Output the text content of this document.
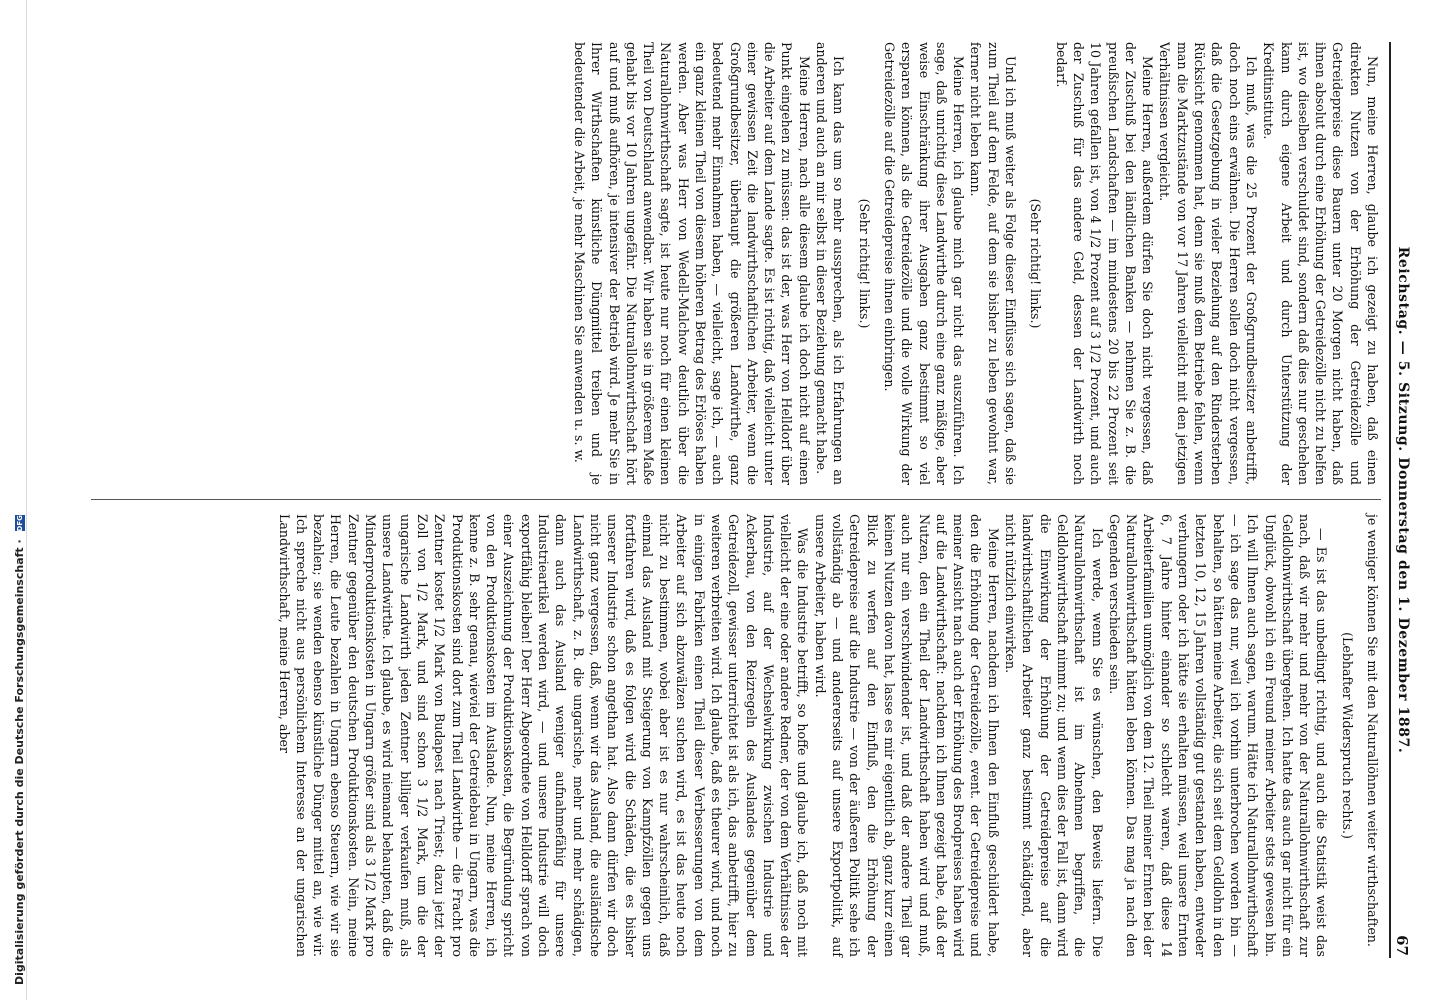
Digitalisierung gefördert durch die Deutsche Forschungsgemeinschaft · DFG	Reichstag. — 5. Sitzung. Donnerstag den 1. Dezember 1887.
67

Nun, meine Herren, glaube ich gezeigt zu haben, daß einen direkten Nutzen von der Erhöhung der Getreidezölle und Getreidepreise diese Bauern unter 20 Morgen nicht haben, daß ihnen absolut durch eine Erhöhung der Getreidezölle nicht zu helfen ist, wo dieselben verschuldet sind, sondern daß dies nur geschehen kann durch eigene Arbeit und durch Unterstützung der Kreditinstitute.

Ich muß, was die 25 Prozent der Großgrundbesitzer anbetrifft, doch noch eins erwähnen. Die Herren sollen doch nicht vergessen, daß die Gesetzgebung in vieler Beziehung auf den Rindersterben Rücksicht genommen hat, denn sie muß dem Betriebe fehlen, wenn man die Marktzustände von vor 17 Jahren vielleicht mit den jetzigen Verhältnissen vergleicht.

Meine Herren, außerdem dürfen Sie doch nicht vergessen, daß der Zuschuß bei den ländlichen Banken — nehmen Sie z. B. die preußischen Landschaften — im mindestens 20 bis 22 Prozent seit 10 Jahren gefallen ist, von 4 1/2 Prozent auf 3 1/2 Prozent, und auch der Zuschuß für das andere Geld, dessen der Landwirth noch bedarf.

(Sehr richtig! links.)

Und ich muß weiter als Folge dieser Einflüsse sich sagen, daß sie zum Theil auf dem Felde, auf dem sie bisher zu leben gewohnt war, ferner nicht leben kann.

Meine Herren, ich glaube mich gar nicht das auszuführen. Ich sage, daß unrichtig diese Landwirthe durch eine ganz mäßige, aber weise Einschränkung ihrer Ausgaben ganz bestimmt so viel ersparen können, als die Getreidezölle und die volle Wirkung der Getreidezölle auf die Getreidepreise ihnen einbringen.

(Sehr richtig! links.)

Ich kann das um so mehr aussprechen, als ich Erfahrungen an anderen und auch an mir selbst in dieser Beziehung gemacht habe.

Meine Herren, nach alle diesem glaube ich doch nicht auf einen Punkt eingehen zu müssen: das ist der, was Herr von Helldorf über die Arbeiter auf dem Lande sagte. Es ist richtig, daß vielleicht unter einer gewissen Zeit die landwirthschaftlichen Arbeiter, wenn die Großgrundbesitzer, überhaupt die größeren Landwirthe, ganz bedeutend mehr Einnahmen haben, — vielleicht, sage ich, — auch ein ganz kleinen Theil von diesem höheren Betrag des Erlöses haben werden. Aber was Herr von Wedell-Malchow deutlich über die Naturallohnwirthschaft sagte, ist heute nur noch für einen kleinen Theil von Deutschland anwendbar. Wir haben sie in größerem Maße gehabt bis vor 10 Jahren ungefähr. Die Naturallohnwirthschaft hört auf und muß aufhören, je intensiver der Betrieb wird. Je mehr Sie in Ihrer Wirthschaften künstliche Düngmittel treiben und je bedeutender die Arbeit, je mehr Maschinen Sie anwenden u. s. w.

je weniger können Sie mit den Naturallöhnen weiter wirthschaften.

(Lebhafter Widerspruch rechts.)

— Es ist das unbedingt richtig, und auch die Statistik weist das nach, daß wir mehr und mehr von der Naturallohnwirthschaft zur Geldlohnwirthschaft übergehen. Ich hatte das auch gar nicht für ein Unglück, obwohl ich ein Freund meiner Arbeiter stets gewesen bin. Ich will Ihnen auch sagen, warum. Hätte ich Naturallohnwirthschaft — ich sage das nur, weil ich vorhin unterbrochen worden bin — behalten, so hätten meine Arbeiter, die sich seit dem Geldlohn in den letzten 10, 12, 15 Jahren vollständig gut gestanden haben, entweder verhungern oder ich hätte sie erhalten müssen, weil unsere Ernten 6, 7 Jahre hinter einander so schlecht waren, daß diese 14 Arbeiterfamilien unmöglich von dem 12. Theil meiner Ernten bei der Naturallohnwirthschaft hätten leben können. Das mag ja nach den Gegenden verschieden sein.

Ich werde, wenn Sie es wünschen, den Beweis liefern. Die Naturallohnwirthschaft ist im Abnehmen begriffen, die Geldlohnwirthschaft nimmt zu; und wenn dies der Fall ist, dann wird die Einwirkung der Erhöhung der Getreidepreise auf die landwirthschaftlichen Arbeiter ganz bestimmt schädigend, aber nicht nützlich einwirken.

Meine Herren, nachdem ich Ihnen den Einfluß geschildert habe, den die Erhöhung der Getreidezölle, event. der Getreidepreise und meiner Ansicht nach auch der Erhöhung des Brodpreises haben wird auf die Landwirthschaft: nachdem ich Ihnen gezeigt habe, daß der Nutzen, den ein Theil der Landwirthschaft haben wird und muß, auch nur ein verschwindender ist, und daß der andere Theil gar keinen Nutzen davon hat, lasse es mir eigentlich ab, ganz kurz einen Blick zu werfen auf den Einfluß, den die Erhöhung der Getreidepreise auf die Industrie — von der äußeren Politik sehe ich vollständig ab — und andererseits auf unsere Exportpolitik, auf unsere Arbeiter, haben wird.

Was die Industrie betrifft, so hoffe und glaube ich, daß noch mit vielleicht der eine oder andere Redner, der von dem Verhältnisse der Industrie, auf der Wechselwirkung zwischen Industrie und Ackerbau, von den Reizregeln des Auslandes gegenüber dem Getreidezoll, gewisser unterrichtet ist als ich, das anbetrifft, hier zu weiteren verbreiten wird. Ich glaube, daß es theurer wird, und noch in einigen Fabriken einen Theil dieser Verbesserungen von dem Arbeiter auf sich abzuwälzen suchen wird, es ist das heute noch nicht zu bestimmen, wobei aber ist es nur wahrscheinlich, daß einmal das Ausland mit Steigerung von Kampfzöllen gegen uns fortfahren wird, daß es folgen wird die Schäden, die es bisher unserer Industrie schon angethan hat. Also dann dürfen wir doch nicht ganz vergessen, daß, wenn wir das Ausland, die ausländische Landwirthschaft, z. B. die ungarische, mehr und mehr schädigen, dann auch das Ausland weniger aufnahmefähig für unsere Industrieartikel werden wird, — und unsere Industrie will doch exportfähig bleiben! Der Herr Abgeordnete von Helldorff sprach von einer Auszeichnung der Produktionskosten, die Begründung spricht von den Produktionskosten im Auslande. Nun, meine Herren, ich kenne z. B. sehr genau, wieviel der Getreidebau in Ungarn, was die Produktionskosten sind dort zum Theil Landwirthe — die Fracht pro Zentner kostet 1/2 Mark von Budapest nach Triest; dazu jetzt der Zoll von 1/2 Mark, und sind schon 3 1/2 Mark, um die der ungarische Landwirth jeden Zentner billiger verkaufen muß, als unsere Landwirthe. Ich glaube, es wird niemand behaupten, daß die Minderproduktionskosten in Ungarn größer sind als 3 1/2 Mark pro Zentner gegenüber den deutschen Produktionskosten. Nein, meine Herren, die Leute bezahlen in Ungarn ebenso Steuern, wie wir sie bezahlen; sie wenden ebenso künstliche Dünger mittel an, wie wir. Ich spreche nicht aus persönlichem Interesse an der ungarischen Landwirthschaft, meine Herren, aber
